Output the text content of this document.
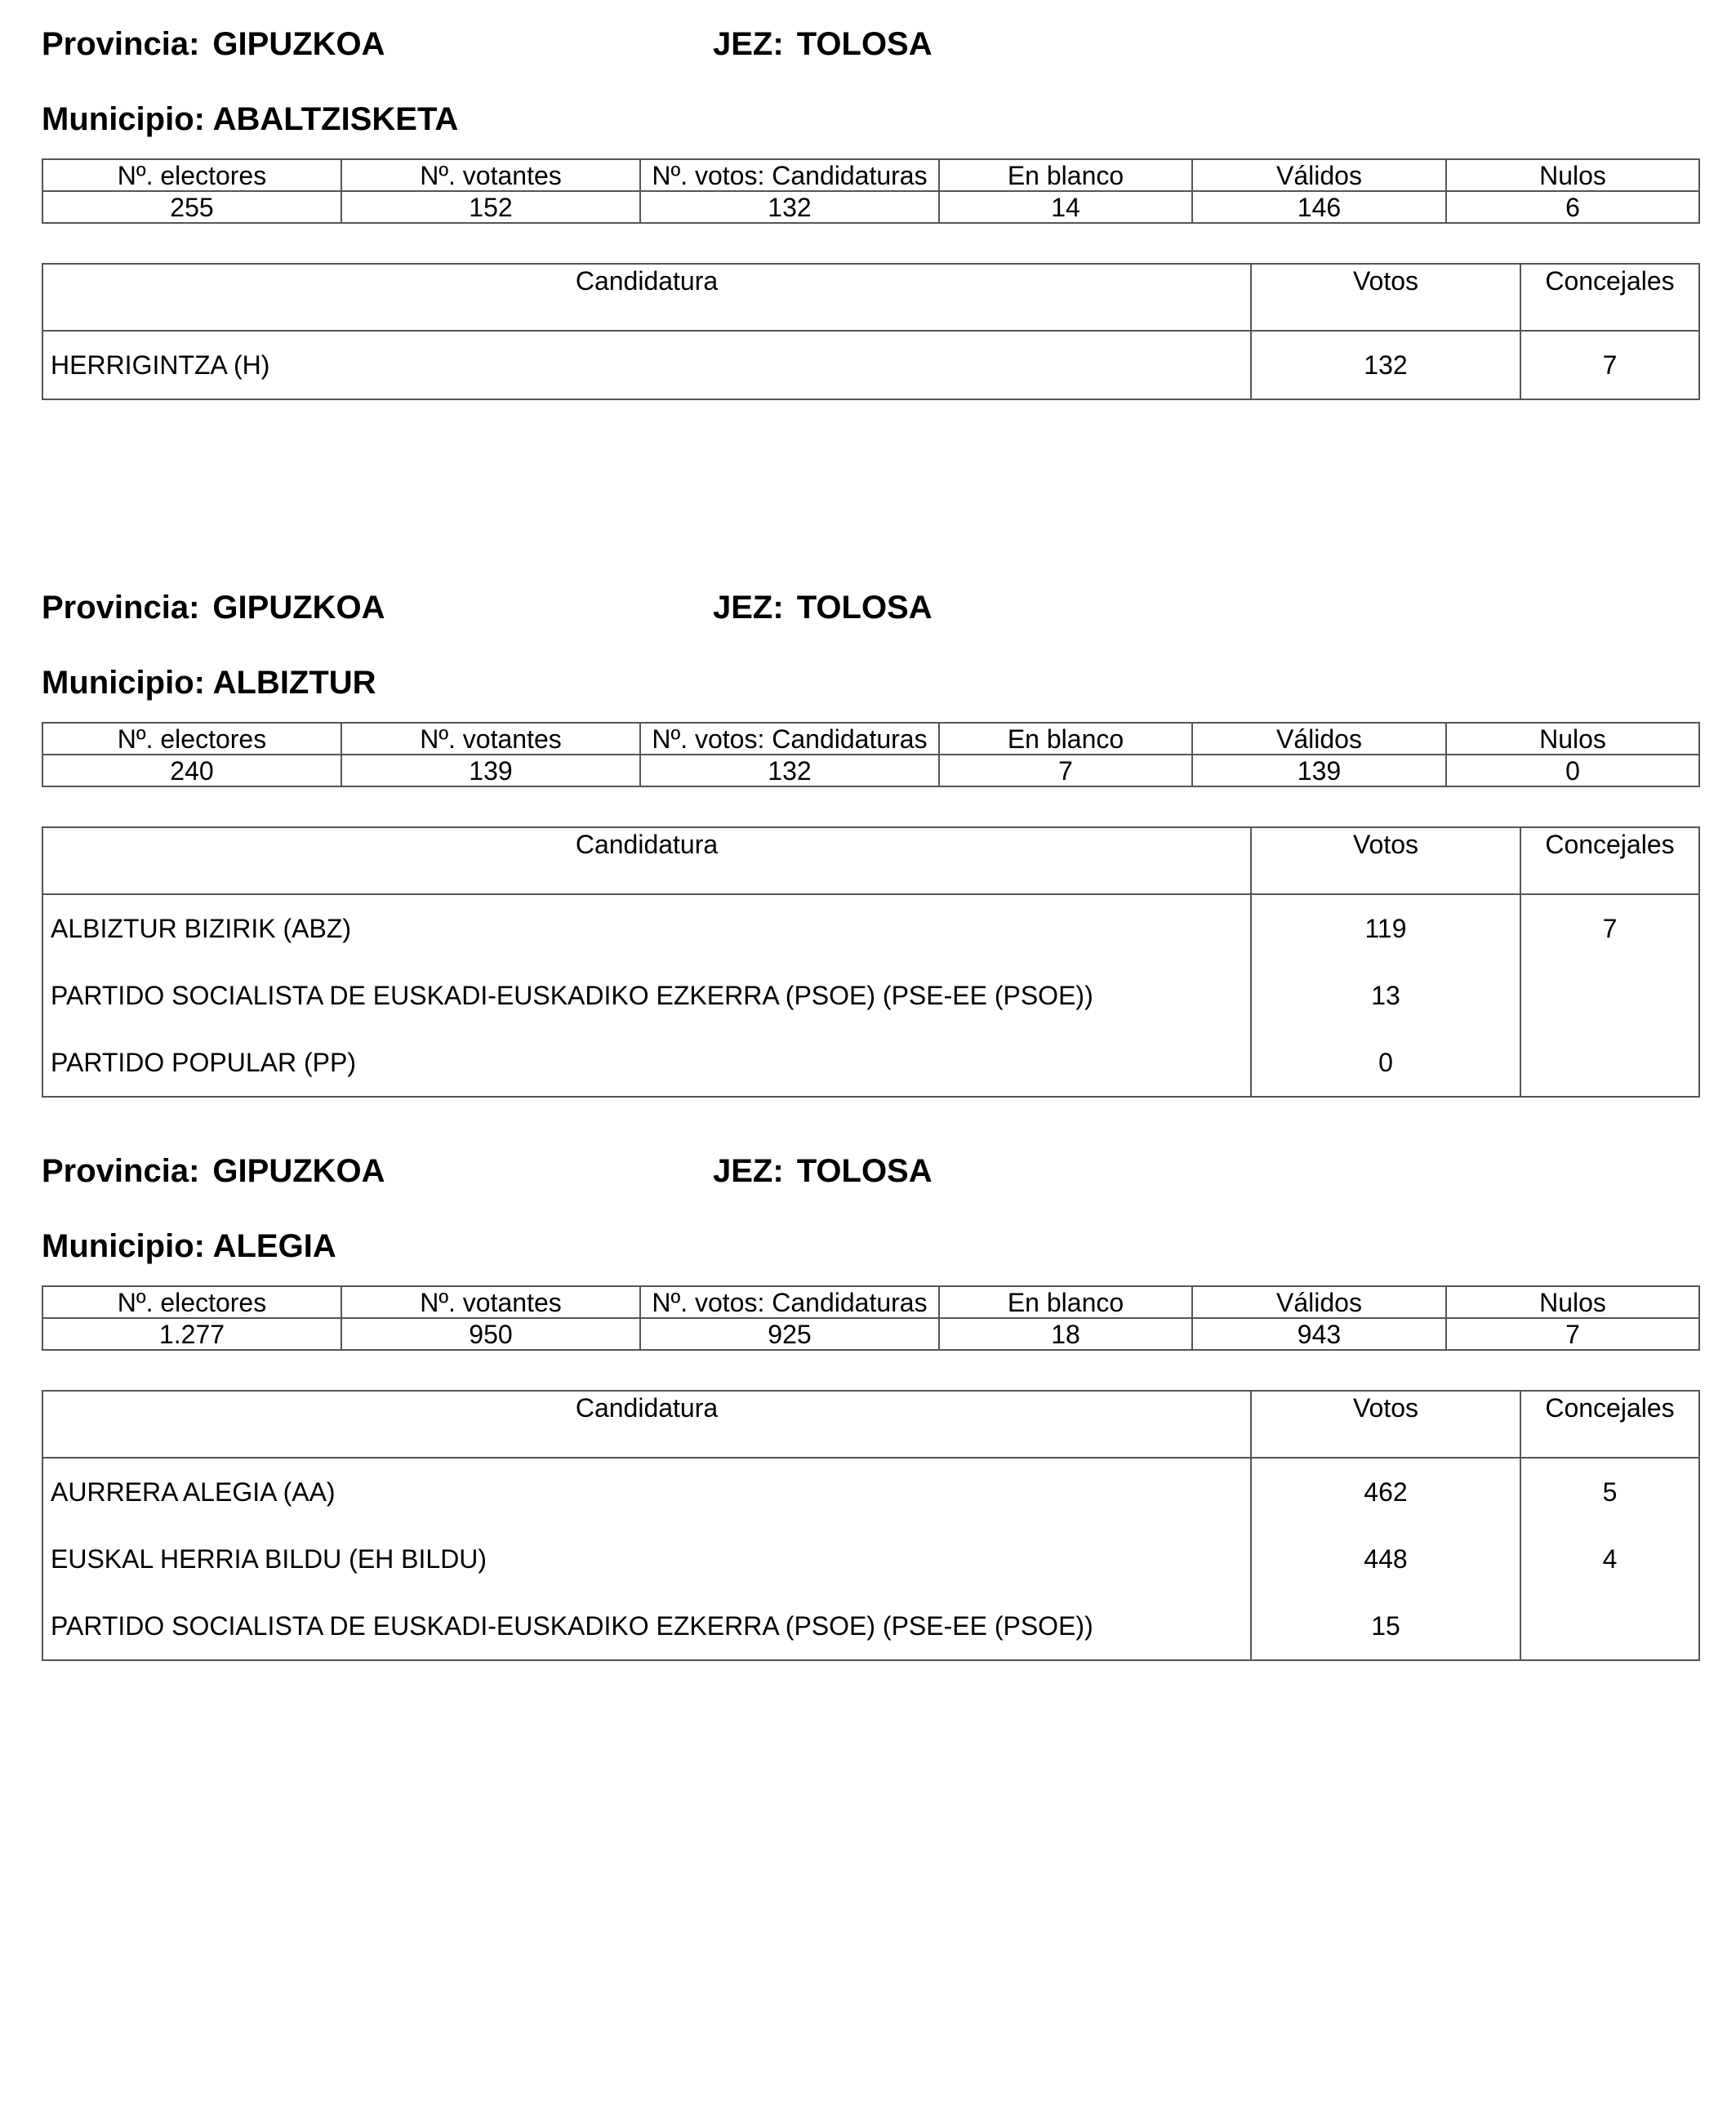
Provincia: GIPUZKOA	JEZ: TOLOSA
Municipio: ABALTZISKETA
Nº. electores	Nº. votantes	Nº. votos: Candidaturas	En blanco	Válidos	Nulos
255	152	132	14	146	6
Candidatura	Votos	Concejales
HERRIGINTZA (H)	132	7
Provincia: GIPUZKOA	JEZ: TOLOSA
Municipio: ALBIZTUR
Nº. electores	Nº. votantes	Nº. votos: Candidaturas	En blanco	Válidos	Nulos
240	139	132	7	139	0
Candidatura	Votos	Concejales
ALBIZTUR BIZIRIK (ABZ)	119	7
PARTIDO SOCIALISTA DE EUSKADI-EUSKADIKO EZKERRA (PSOE) (PSE-EE (PSOE))	13	
PARTIDO POPULAR (PP)	0	
Provincia: GIPUZKOA	JEZ: TOLOSA
Municipio: ALEGIA
Nº. electores	Nº. votantes	Nº. votos: Candidaturas	En blanco	Válidos	Nulos
1.277	950	925	18	943	7
Candidatura	Votos	Concejales
AURRERA ALEGIA (AA)	462	5
EUSKAL HERRIA BILDU (EH BILDU)	448	4
PARTIDO SOCIALISTA DE EUSKADI-EUSKADIKO EZKERRA (PSOE) (PSE-EE (PSOE))	15	
